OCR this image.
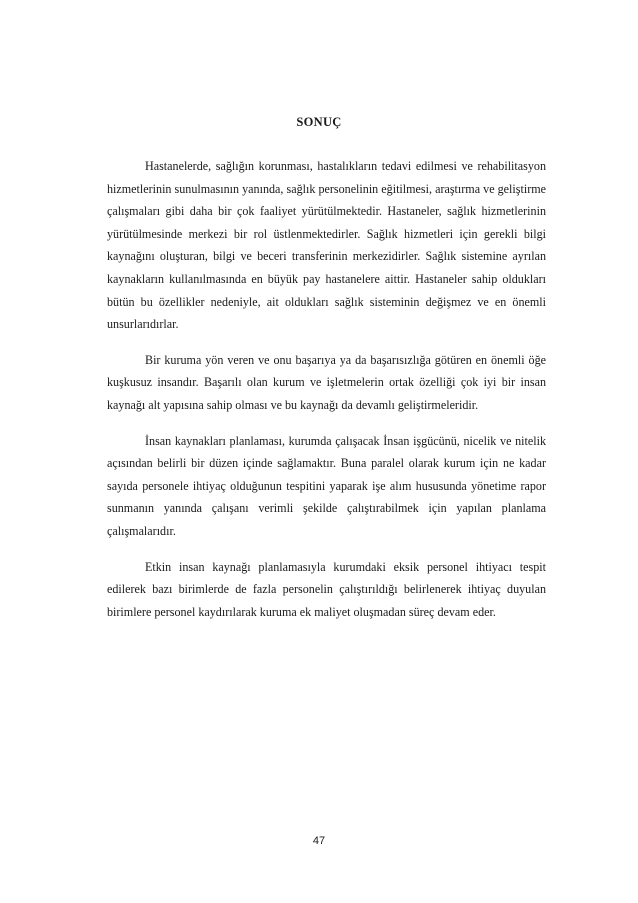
SONUÇ

Hastanelerde, sağlığın korunması, hastalıkların tedavi edilmesi ve rehabilitasyon hizmetlerinin sunulmasının yanında, sağlık personelinin eğitilmesi, araştırma ve geliştirme çalışmaları gibi daha bir çok faaliyet yürütülmektedir. Hastaneler, sağlık hizmetlerinin yürütülmesinde merkezi bir rol üstlenmektedirler. Sağlık hizmetleri için gerekli bilgi kaynağını oluşturan, bilgi ve beceri transferinin merkezidirler. Sağlık sistemine ayrılan kaynakların kullanılmasında en büyük pay hastanelere aittir. Hastaneler sahip oldukları bütün bu özellikler nedeniyle, ait oldukları sağlık sisteminin değişmez ve en önemli unsurlarıdırlar.

Bir kuruma yön veren ve onu başarıya ya da başarısızlığa götüren en önemli öğe kuşkusuz insandır. Başarılı olan kurum ve işletmelerin ortak özelliği çok iyi bir insan kaynağı alt yapısına sahip olması ve bu kaynağı da devamlı geliştirmeleridir.

İnsan kaynakları planlaması, kurumda çalışacak İnsan işgücünü, nicelik ve nitelik açısından belirli bir düzen içinde sağlamaktır. Buna paralel olarak kurum için ne kadar sayıda personele ihtiyaç olduğunun tespitini yaparak işe alım hususunda yönetime rapor sunmanın yanında çalışanı verimli şekilde çalıştırabilmek için yapılan planlama çalışmalarıdır.

Etkin insan kaynağı planlamasıyla kurumdaki eksik personel ihtiyacı tespit edilerek bazı birimlerde de fazla personelin çalıştırıldığı belirlenerek ihtiyaç duyulan birimlere personel kaydırılarak kuruma ek maliyet oluşmadan süreç devam eder.

47
